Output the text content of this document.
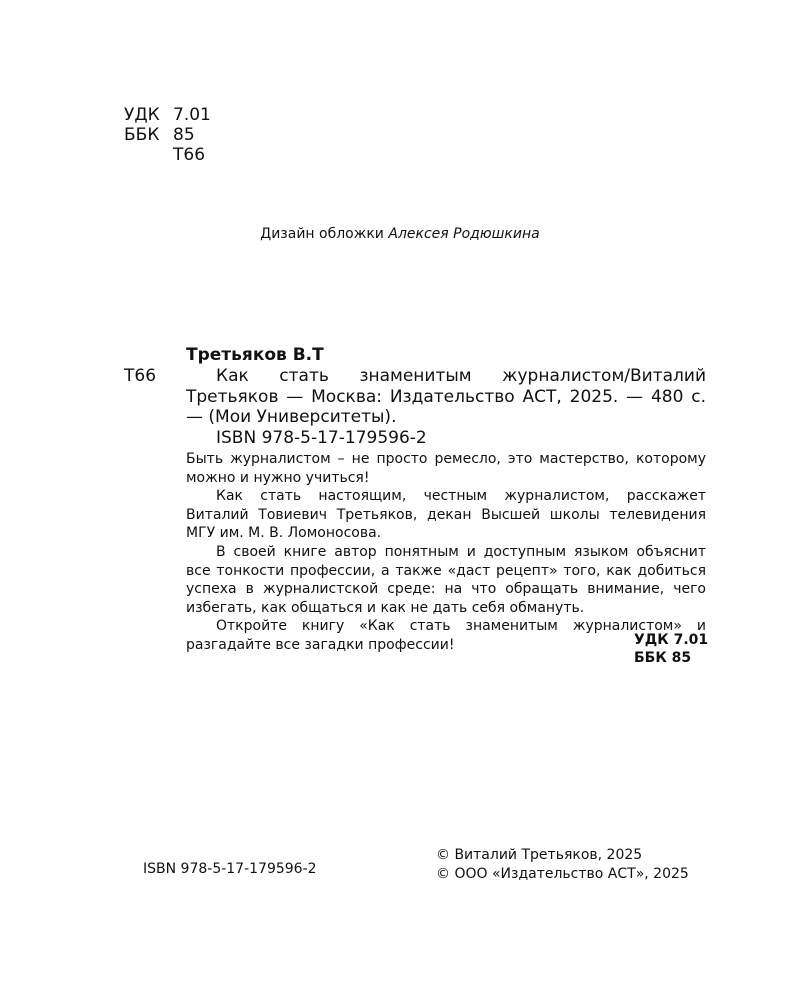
УДК 7.01
ББК 85
Т66
Дизайн обложки Алексея Родюшкина
Третьяков В.Т
Т66	Как стать знаменитым журналистом/Виталий Третьяков — Москва: Издательство АСТ, 2025. — 480 с. — (Мои Университеты).
ISBN 978-5-17-179596-2

Быть журналистом – не просто ремесло, это мастерство, которому можно и нужно учиться!

Как стать настоящим, честным журналистом, расскажет Виталий Товиевич Третьяков, декан Высшей школы телевидения МГУ им. М. В. Ломоносова.

В своей книге автор понятным и доступным языком объяснит все тонкости профессии, а также «даст рецепт» того, как добиться успеха в журналистской среде: на что обращать внимание, чего избегать, как общаться и как не дать себя обмануть.

Откройте книгу «Как стать знаменитым журналистом» и разгадайте все загадки профессии!	УДК 7.01
ББК 85
ISBN 978-5-17-179596-2
© Виталий Третьяков, 2025
© ООО «Издательство АСТ», 2025
